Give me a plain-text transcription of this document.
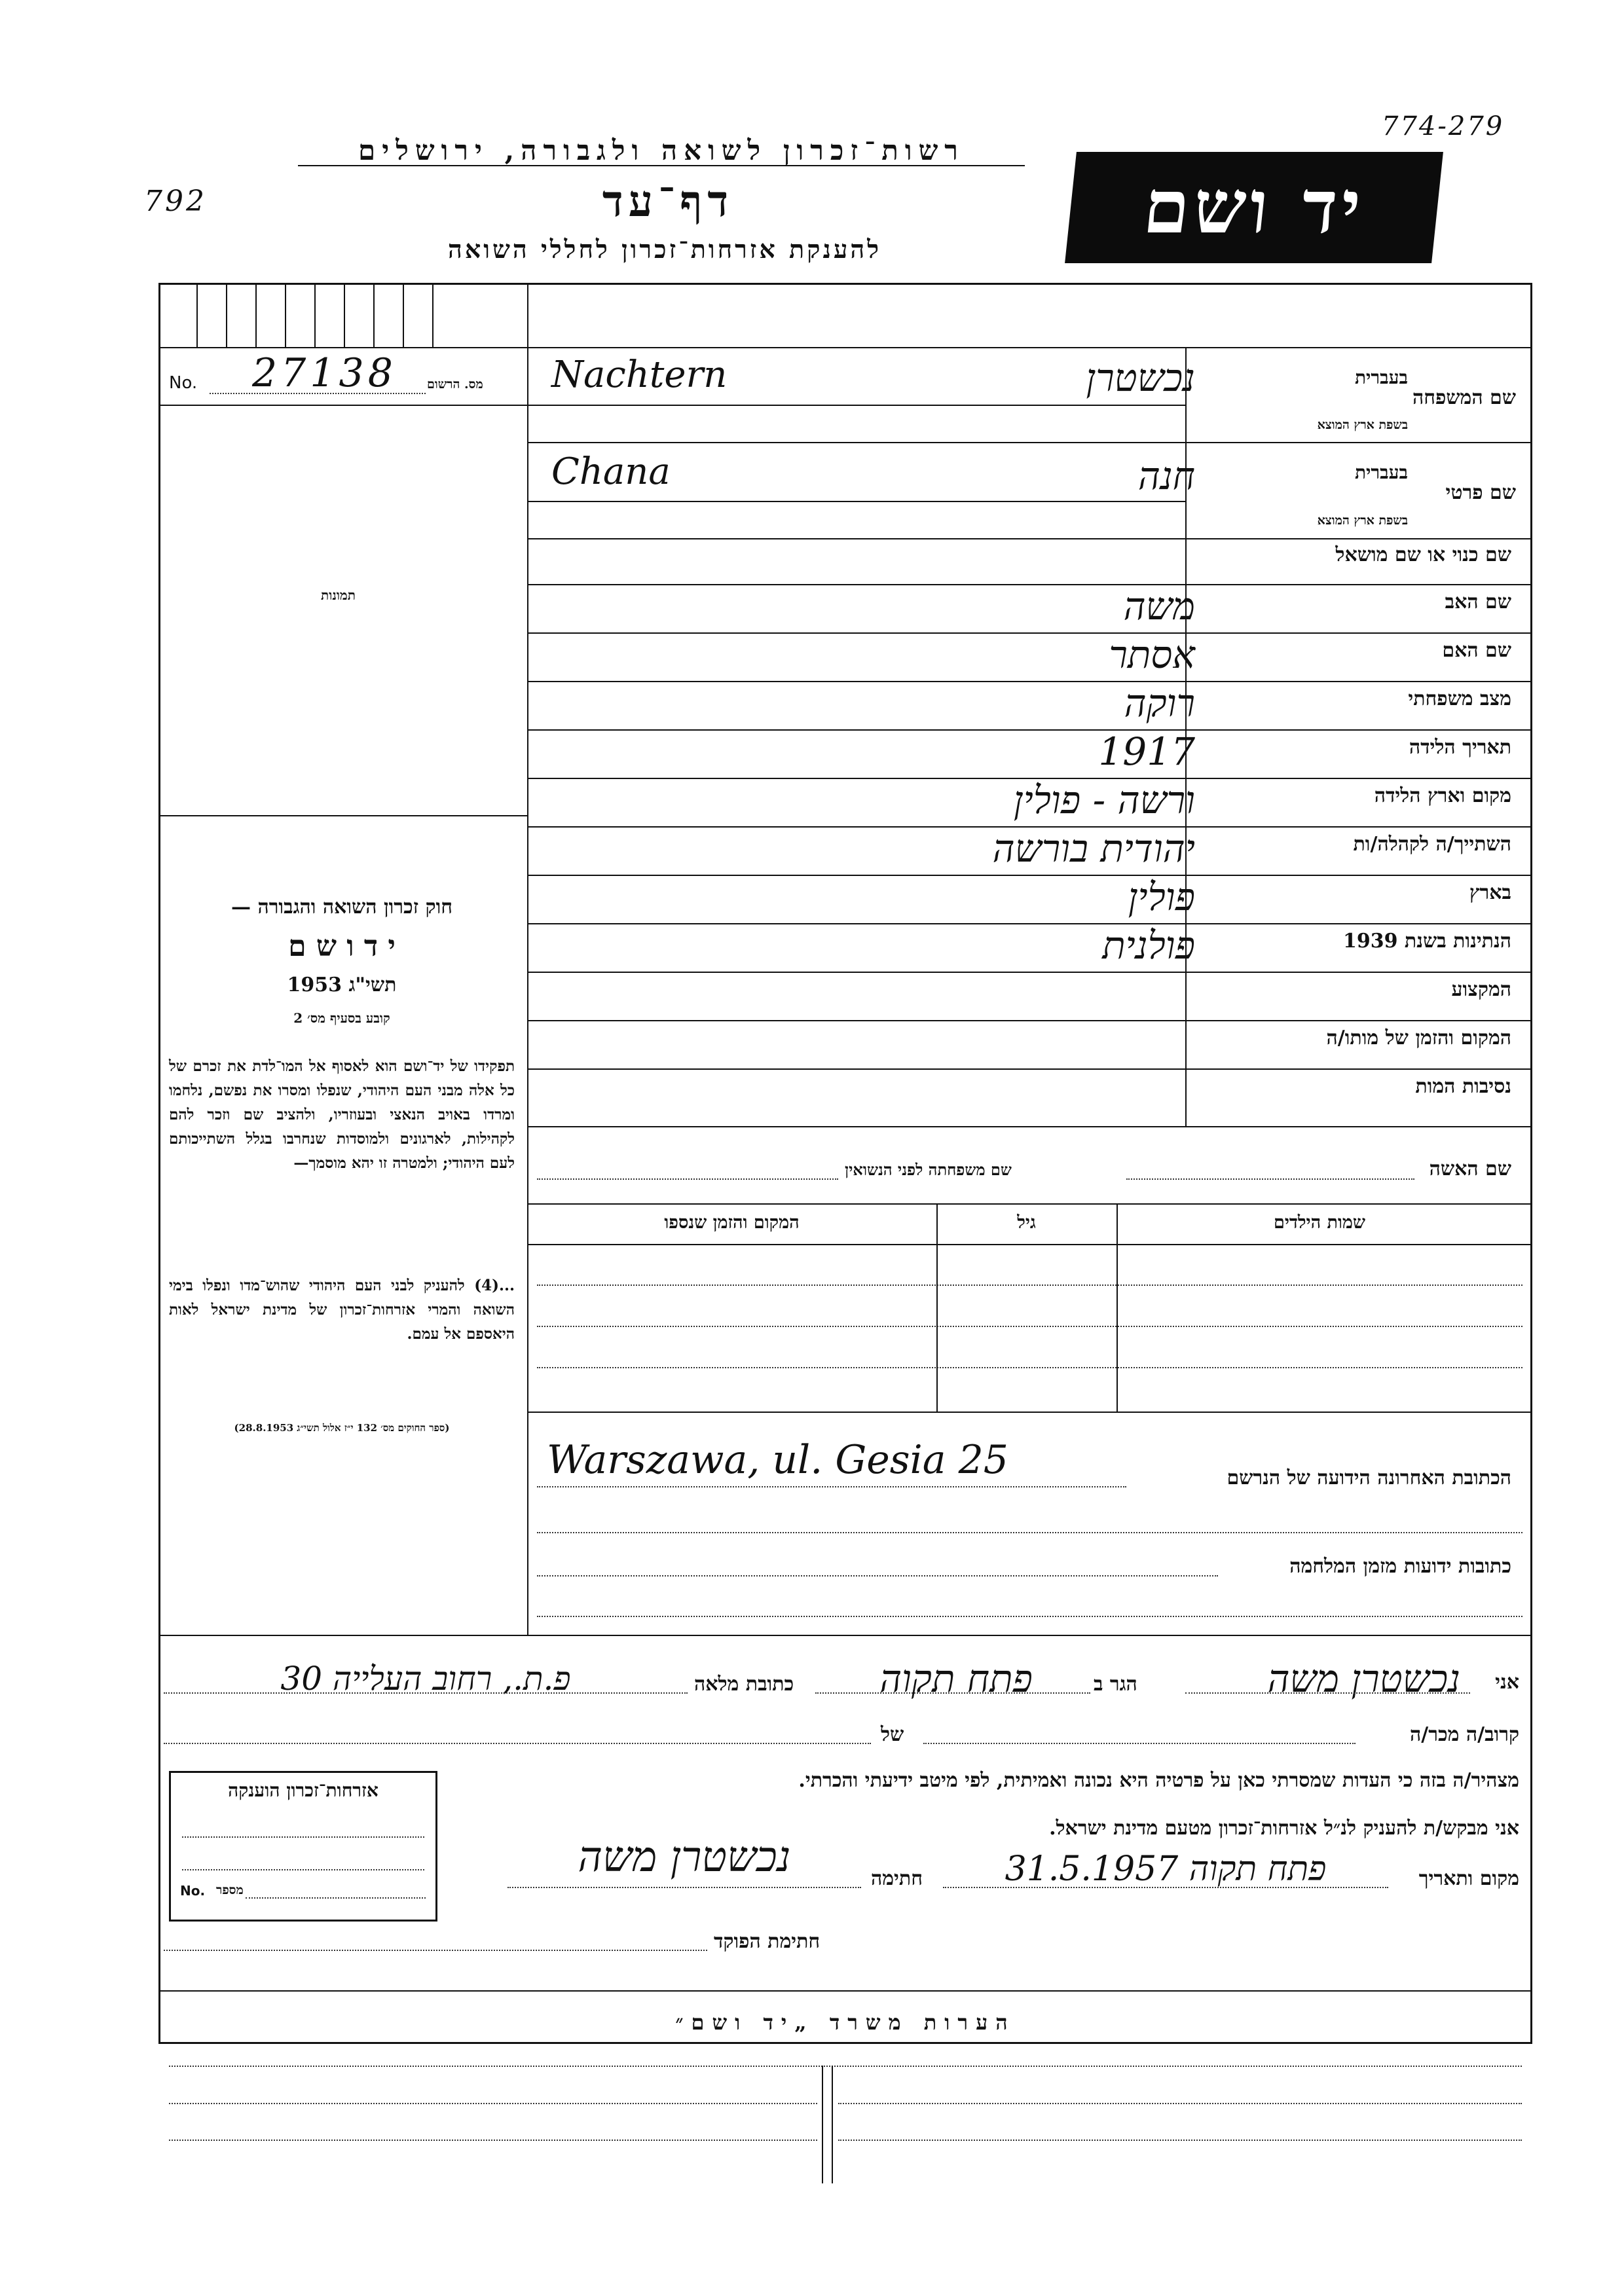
774-279
792
רשות־זכרון לשואה ולגבורה, ירושלים
דף־עד
להענקת אזרחות־זכרון לחללי השואה	יד ושם
No. 27138 מס. הרשום
תמונות
חוק זכרון השואה והגבורה —
י ד ו ש ם
תשי"ג 1953
קובע בסעיף מס׳ 2
תפקידו של יד־ושם הוא לאסוף אל המו־לדת את זכרם של כל אלה מבני העם היהודי, שנפלו ומסרו את נפשם, נלחמו ומרדו באויב הנאצי ובעוזריו, ולהציב שם וזכר להם לקהילות, לארגונים ולמוסדות שנחרבו בגלל השתייכותם לעם היהודי; ולמטרה זו יהא מוסמך—
...(4) להעניק לבני העם היהודי שהוש־מדו ונפלו בימי השואה והמרי אזרחות־זכרון של מדינת ישראל לאות היאספם אל עמם.
(ספר החוקים מס׳ 132 י״ז אלול תשי״ג 28.8.1953)
שם המשפחה
בעברית
בשפת ארץ המוצא
נכשטרן
Nachtern
שם פרטי
בעברית
בשפת ארץ המוצא
חנה
Chana
שם כנוי או שם מושאל
שם האב
משה
שם האם
אסתר
מצב משפחתי
רוקה
תאריך הלידה
1917
מקום וארץ הלידה
ורשה - פולין
השתייך/ה לקהלה/ות
יהודית בורשה
בארץ
פולין
הנתינות בשנת 1939
פולנית
המקצוע
המקום והזמן של מותו/ה
נסיבות המות
שם האשה
שם משפחתה לפני הנשואין
שמות הילדים
גיל
המקום והזמן שנספו
הכתובת האחרונה הידועה של הנרשם
Warszawa, ul. Gesia 25
כתובות ידועות מזמן המלחמה
אני
נכשטרן משה
הגר ב
פתח תקוה
כתובת מלאה
פ.ת., רחוב העלייה 30
קרוב/ה מכר/ה
של
מצהיר/ה בזה כי העדות שמסרתי כאן על פרטיה היא נכונה ואמיתית, לפי מיטב ידיעתי והכרתי.
אני מבקש/ת להעניק לנ״ל אזרחות־זכרון מטעם מדינת ישראל.
מקום ותאריך
פתח תקוה 31.5.1957
חתימה
נכשטרן משה
חתימת הפוקד
אזרחות־זכרון הוענקה
No. מספר
הערות משרד „יד ושם״
